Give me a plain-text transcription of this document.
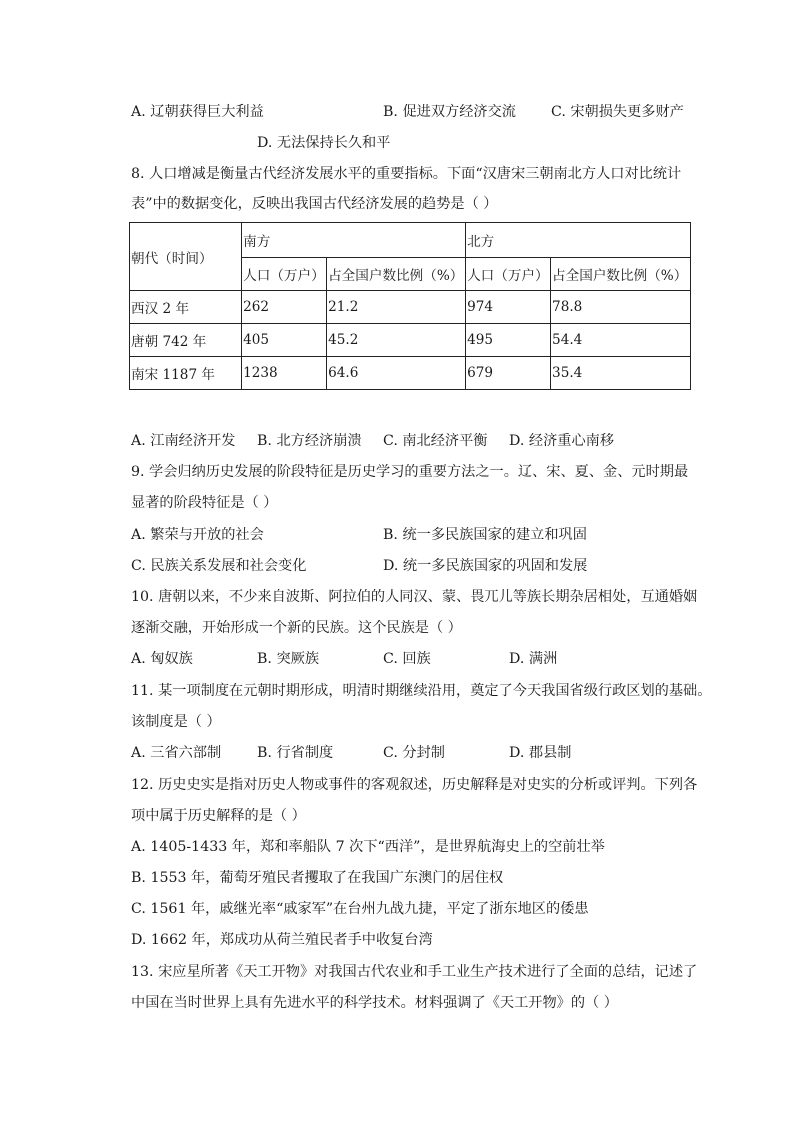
A. 辽朝获得巨大利益	B. 促进双方经济交流 C. 宋朝损失更多财产
D. 无法保持长久和平
8. 人口增减是衡量古代经济发展水平的重要指标。下面“汉唐宋三朝南北方人口对比统计
表”中的数据变化，反映出我国古代经济发展的趋势是（ ）
朝代（时间）	南方		北方	
	人口（万户）	占全国户数比例（%）	人口（万户）	占全国户数比例（%）
西汉 2 年	262	21.2	974	78.8
唐朝 742 年	405	45.2	495	54.4
南宋 1187 年	1238	64.6	679	35.4
A. 江南经济开发 B. 北方经济崩溃 C. 南北经济平衡 D. 经济重心南移
9. 学会归纳历史发展的阶段特征是历史学习的重要方法之一。辽、宋、夏、金、元时期最
显著的阶段特征是（ ）
A. 繁荣与开放的社会	B. 统一多民族国家的建立和巩固
C. 民族关系发展和社会变化	D. 统一多民族国家的巩固和发展
10. 唐朝以来，不少来自波斯、阿拉伯的人同汉、蒙、畏兀儿等族长期杂居相处，互通婚姻
逐渐交融，开始形成一个新的民族。这个民族是（ ）
A. 匈奴族	B. 突厥族	C. 回族	D. 满洲
11. 某一项制度在元朝时期形成，明清时期继续沿用，奠定了今天我国省级行政区划的基础。
该制度是（ ）
A. 三省六部制	B. 行省制度	C. 分封制	D. 郡县制
12. 历史史实是指对历史人物或事件的客观叙述，历史解释是对史实的分析或评判。下列各
项中属于历史解释的是（ ）
A. 1405-1433 年，郑和率船队 7 次下“西洋”，是世界航海史上的空前壮举
B. 1553 年，葡萄牙殖民者攫取了在我国广东澳门的居住权
C. 1561 年，戚继光率“戚家军”在台州九战九捷，平定了浙东地区的倭患
D. 1662 年，郑成功从荷兰殖民者手中收复台湾
13. 宋应星所著《天工开物》对我国古代农业和手工业生产技术进行了全面的总结，记述了
中国在当时世界上具有先进水平的科学技术。材料强调了《天工开物》的（ ）
